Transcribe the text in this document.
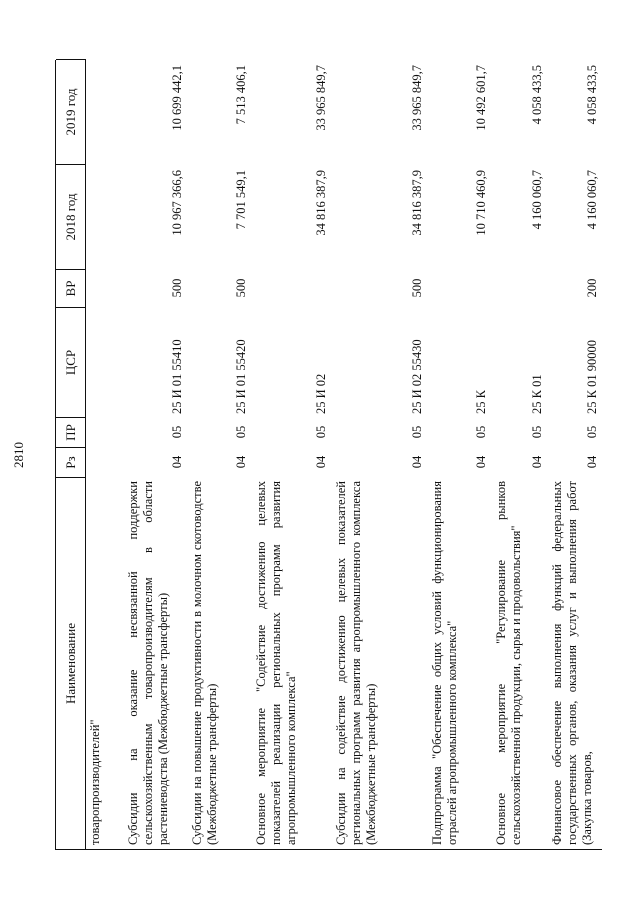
2810
Наименование
Рз
ПР
ЦСР
ВР
2018 год
2019 год
товаропроизводителей"	Субсидии на оказание несвязанной поддержки сельскохозяйственным товаропроизводителям в области растениеводства (Межбюджетные трансферты)
04
05
25 И 01 55410
500
10 967 366,6
10 699 442,1
Субсидии на повышение продуктивности в молочном скотоводстве (Межбюджетные трансферты)
04
05
25 И 01 55420
500
7 701 549,1
7 513 406,1
Основное мероприятие "Содействие достижению целевых показателей реализации региональных программ развития агропромышленного комплекса"
04
05
25 И 02
34 816 387,9
33 965 849,7
Субсидии на содействие достижению целевых показателей региональных программ развития агропромышленного комплекса (Межбюджетные трансферты)
04
05
25 И 02 55430
500
34 816 387,9
33 965 849,7
Подпрограмма "Обеспечение общих условий функционирования отраслей агропромышленного комплекса"
04
05
25 К
10 710 460,9
10 492 601,7
Основное мероприятие "Регулирование рынков сельскохозяйственной продукции, сырья и продовольствия"
04
05
25 К 01
4 160 060,7
4 058 433,5
Финансовое обеспечение выполнения функций федеральных государственных органов, оказания услуг и выполнения работ (Закупка товаров,
04
05
25 К 01 90000
200
4 160 060,7
4 058 433,5
